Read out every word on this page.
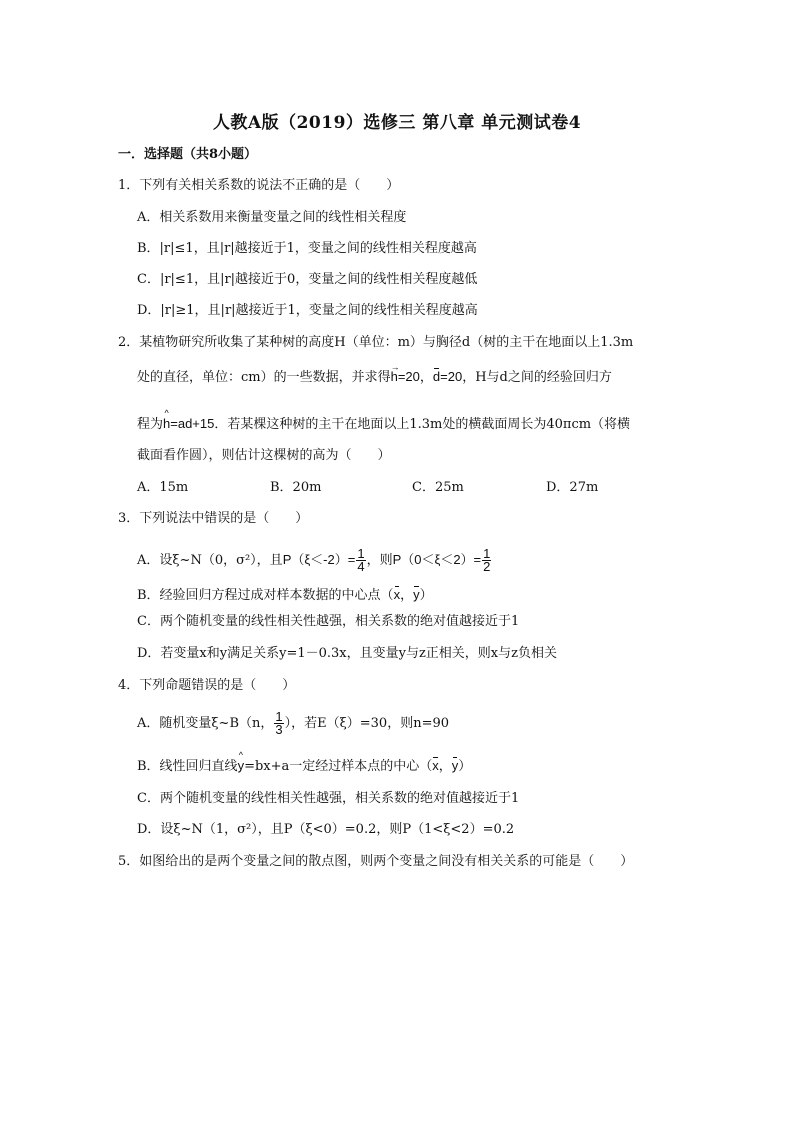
人教A版（2019）选修三 第八章 单元测试卷4
一．选择题（共8小题）
1．下列有关相关系数的说法不正确的是（　　）
A．相关系数用来衡量变量之间的线性相关程度
B．|r|≤1，且|r|越接近于1，变量之间的线性相关程度越高
C．|r|≤1，且|r|越接近于0，变量之间的线性相关程度越低
D．|r|≥1，且|r|越接近于1，变量之间的线性相关程度越高
2．某植物研究所收集了某种树的高度H（单位：m）与胸径d（树的主干在地面以上1.3m
处的直径，单位：cm）的一些数据，并求得→ h=20，d=20，H与d之间的经验回归方
程为^ h=ad+15．若某棵这种树的主干在地面以上1.3m处的横截面周长为40πcm（将横
截面看作圆），则估计这棵树的高为（　　）
A．15m	B．20m	C．25m	D．27m
3．下列说法中错误的是（　　）
A．设ξ~N（0，σ²），且$P(\xi<-2)= \frac{1}{4}$ ，则$P(0<\xi<2)= \frac{1}{2}$
B．经验回归方程过成对样本数据的中心点（x，y）
C．两个随机变量的线性相关性越强，相关系数的绝对值越接近于1
D．若变量x和y满足关系y=1－0.3x，且变量y与z正相关，则x与z负相关
4．下列命题错误的是（　　）
A．随机变量ξ~B（n， $\frac{1}{3}$ ），若E（ξ）=30，则n=90
B．线性回归直线^ y=bx+a一定经过样本点的中心（x，y）
C．两个随机变量的线性相关性越强，相关系数的绝对值越接近于1
D．设ξ~N（1，σ²），且P（ξ<0）=0.2，则P（1<ξ<2）=0.2
5．如图给出的是两个变量之间的散点图，则两个变量之间没有相关关系的可能是（　　）
